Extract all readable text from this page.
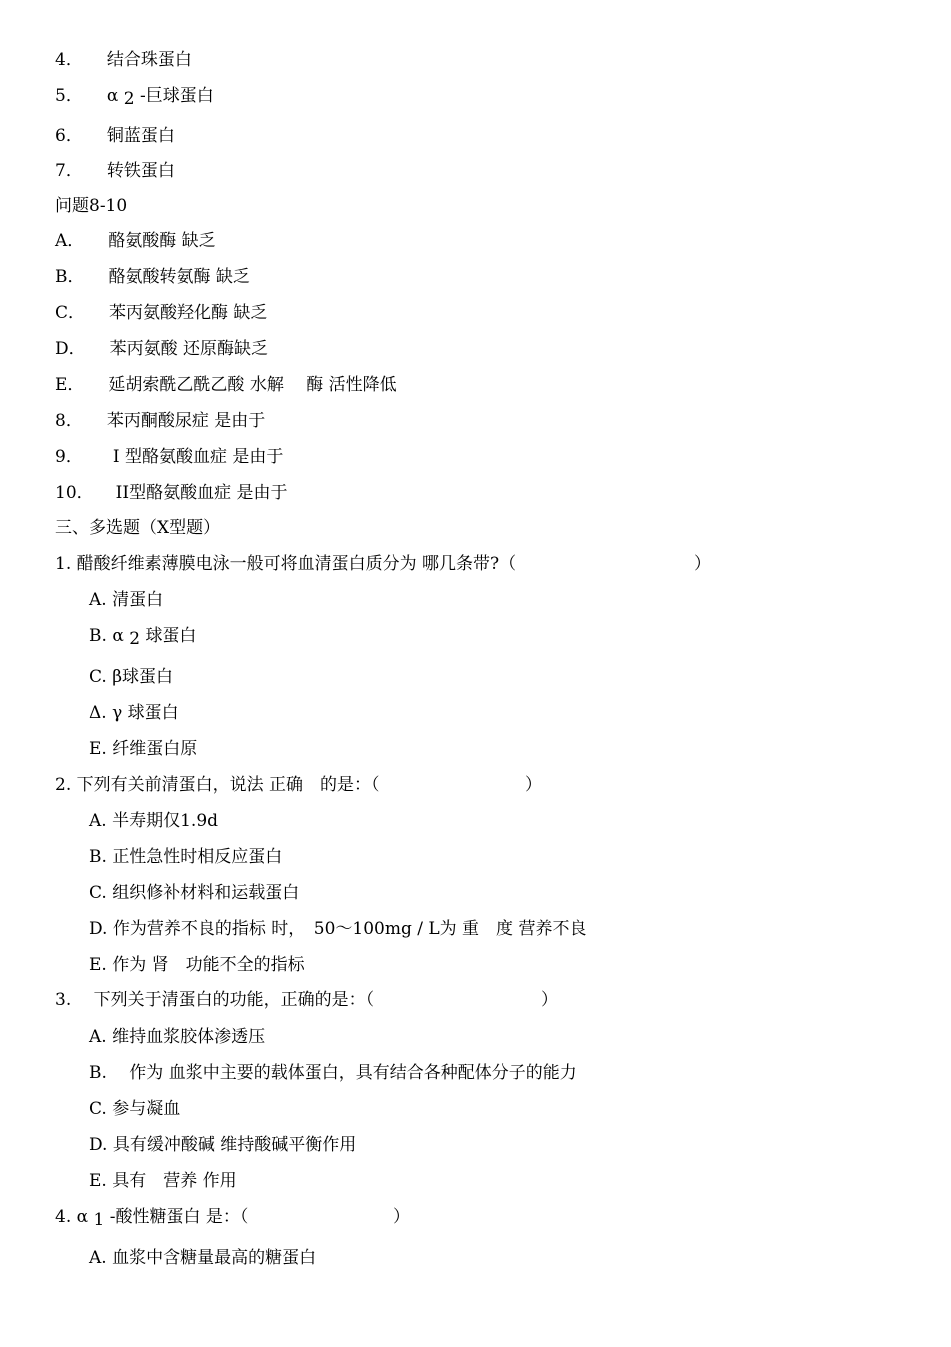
4． 结合珠蛋白
5． α 2 -巨球蛋白
6． 铜蓝蛋白
7． 转铁蛋白
问题8-10
A． 酪氨酸酶 缺乏
B． 酪氨酸转氨酶 缺乏
C． 苯丙氨酸羟化酶 缺乏
D． 苯丙氨酸 还原酶缺乏
E． 延胡索酰乙酰乙酸 水解　 酶 活性降低
8． 苯丙酮酸尿症 是由于
9． Ⅰ 型酪氨酸血症 是由于
10． II型酪氨酸血症 是由于
三、多选题（X型题）
1. 醋酸纤维素薄膜电泳一般可将血清蛋白质分为 哪几条带?（	）
A. 清蛋白
B. α 2 球蛋白
C. β球蛋白
Δ. γ 球蛋白
E. 纤维蛋白原
2. 下列有关前清蛋白，说法 正确　的是：（	）
A. 半寿期仅1.9d
B. 正性急性时相反应蛋白
C. 组织修补材料和运载蛋白
D. 作为营养不良的指标 时，　50～100mg / L为 重　度 营养不良
E. 作为 肾　功能不全的指标
3.　 下列关于清蛋白的功能，正确的是：（	）
A. 维持血浆胶体渗透压
B. 　作为 血浆中主要的载体蛋白，具有结合各种配体分子的能力
C. 参与凝血
D. 具有缓冲酸碱 维持酸碱平衡作用
E. 具有　营养 作用
4. α 1 -酸性糖蛋白 是：（	）
A. 血浆中含糖量最高的糖蛋白
